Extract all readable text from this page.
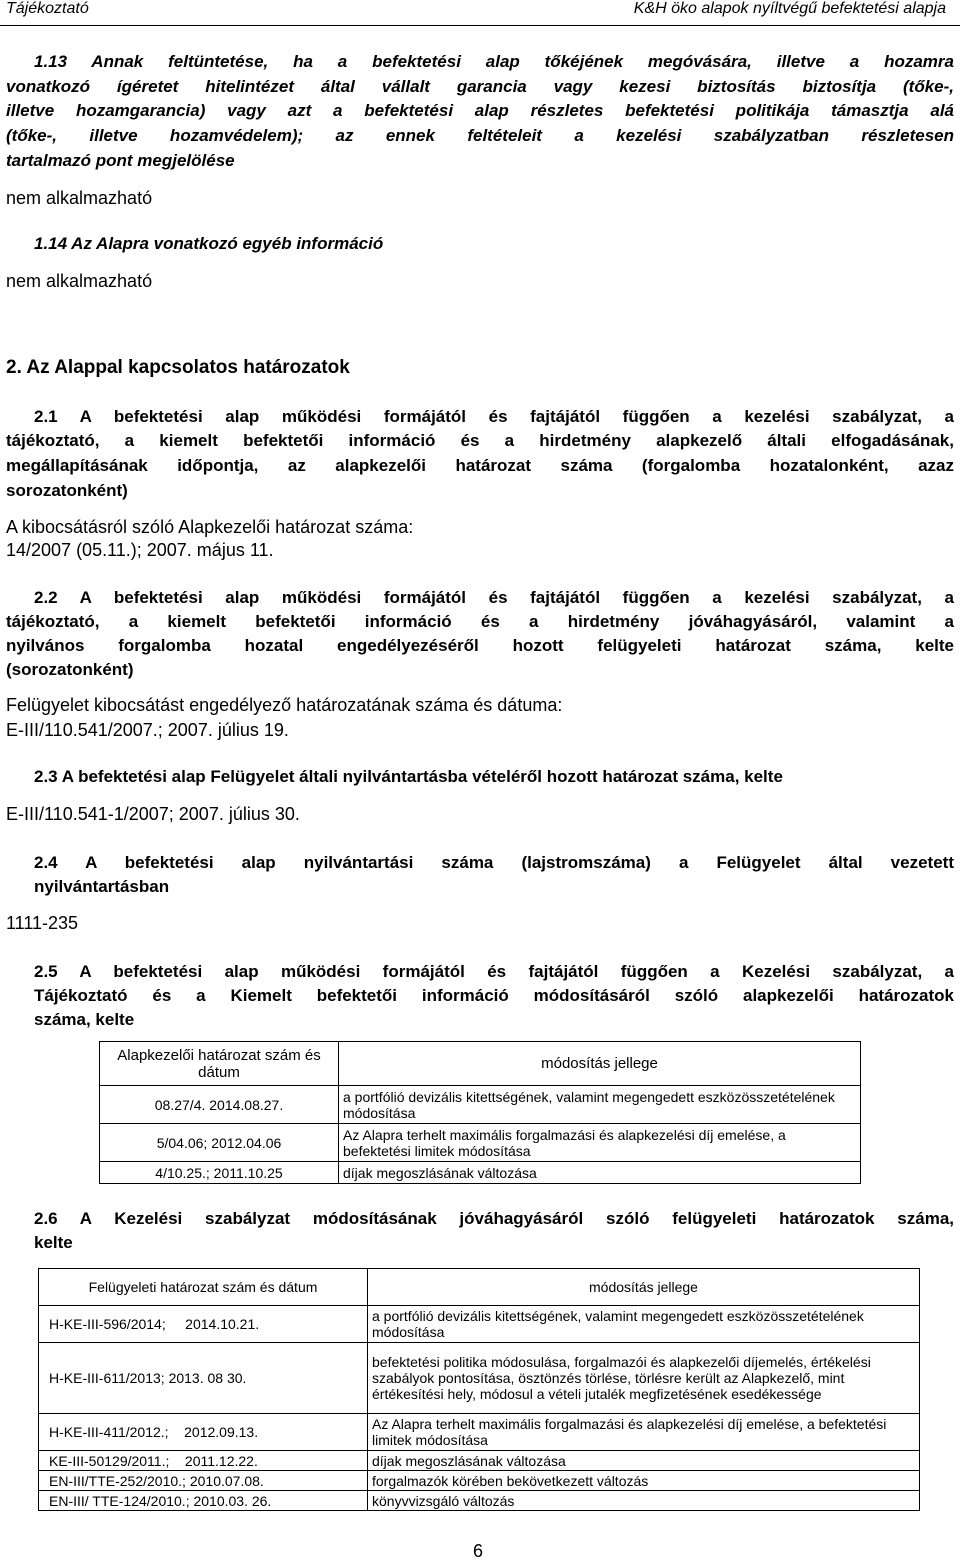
Tájékoztató	K&H öko alapok nyíltvégű befektetési alapja
1.13 Annak feltüntetése, ha a befektetési alap tőkéjének megóvására, illetve a hozamra
vonatkozó ígéretet hitelintézet által vállalt garancia vagy kezesi biztosítás biztosítja (tőke-,
illetve hozamgarancia) vagy azt a befektetési alap részletes befektetési politikája támasztja alá
(tőke-, illetve hozamvédelem); az ennek feltételeit a kezelési szabályzatban részletesen
tartalmazó pont megjelölése
nem alkalmazható
1.14 Az Alapra vonatkozó egyéb információ
nem alkalmazható
2. Az Alappal kapcsolatos határozatok
2.1 A befektetési alap működési formájától és fajtájától függően a kezelési szabályzat, a
tájékoztató, a kiemelt befektetői információ és a hirdetmény alapkezelő általi elfogadásának,
megállapításának időpontja, az alapkezelői határozat száma (forgalomba hozatalonként, azaz
sorozatonként)
A kibocsátásról szóló Alapkezelői határozat száma:
14/2007 (05.11.); 2007. május 11.
2.2 A befektetési alap működési formájától és fajtájától függően a kezelési szabályzat, a
tájékoztató, a kiemelt befektetői információ és a hirdetmény jóváhagyásáról, valamint a
nyilvános forgalomba hozatal engedélyezéséről hozott felügyeleti határozat száma, kelte
(sorozatonként)
Felügyelet kibocsátást engedélyező határozatának száma és dátuma:
E-III/110.541/2007.; 2007. július 19.
2.3 A befektetési alap Felügyelet általi nyilvántartásba vételéről hozott határozat száma, kelte
E-III/110.541-1/2007; 2007. július 30.
2.4 A befektetési alap nyilvántartási száma (lajstromszáma) a Felügyelet által vezetett
nyilvántartásban
1111-235
2.5 A befektetési alap működési formájától és fajtájától függően a Kezelési szabályzat, a
Tájékoztató és a Kiemelt befektetői információ módosításáról szóló alapkezelői határozatok
száma, kelte
Alapkezelői határozat szám és dátum	módosítás jellege
08.27/4. 2014.08.27.	a portfólió devizális kitettségének, valamint megengedett eszközösszetételének módosítása
5/04.06; 2012.04.06	Az Alapra terhelt maximális forgalmazási és alapkezelési díj emelése, a befektetési limitek módosítása
4/10.25.; 2011.10.25	díjak megoszlásának változása
2.6 A Kezelési szabályzat módosításának jóváhagyásáról szóló felügyeleti határozatok száma,
kelte
Felügyeleti határozat szám és dátum	módosítás jellege
H-KE-III-596/2014;     2014.10.21.	a portfólió devizális kitettségének, valamint megengedett eszközösszetételének módosítása
H-KE-III-611/2013; 2013. 08 30.	befektetési politika módosulása, forgalmazói és alapkezelői díjemelés, értékelési szabályok pontosítása, ösztönzés törlése, törlésre került az Alapkezelő, mint értékesítési hely, módosul a vételi jutalék megfizetésének esedékessége
H-KE-III-411/2012.;    2012.09.13.	Az Alapra terhelt maximális forgalmazási és alapkezelési díj emelése, a befektetési limitek módosítása
KE-III-50129/2011.;    2011.12.22.	díjak megoszlásának változása
EN-III/TTE-252/2010.; 2010.07.08.	forgalmazók körében bekövetkezett változás
EN-III/ TTE-124/2010.; 2010.03. 26.	könyvvizsgáló változás
6
